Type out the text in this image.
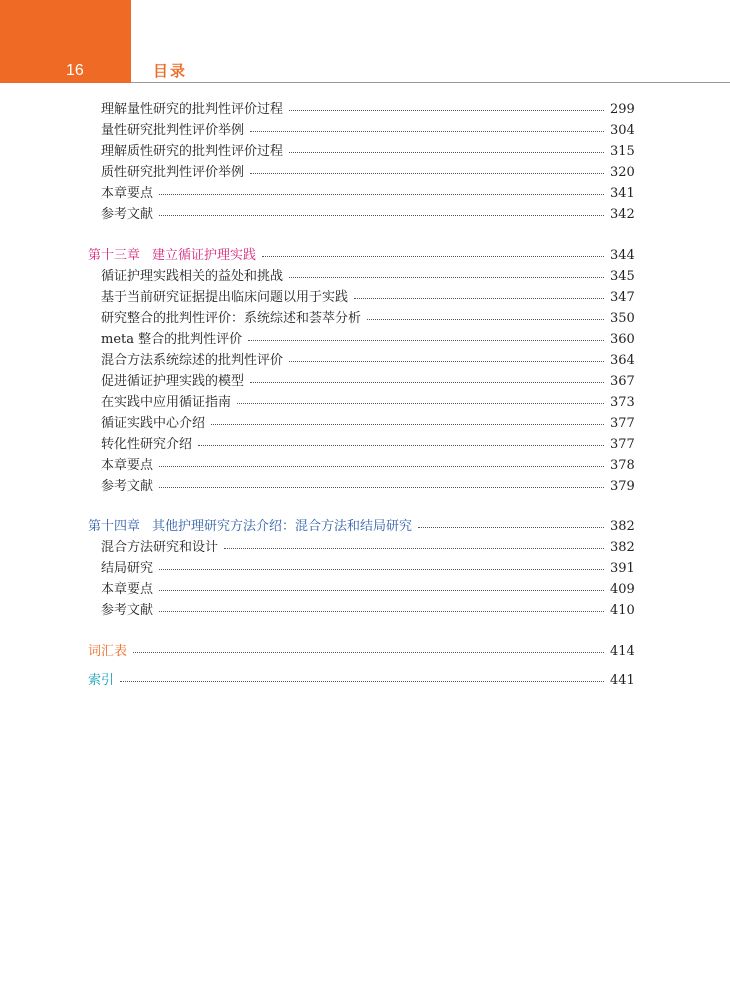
16	目录
理解量性研究的批判性评价过程	299
量性研究批判性评价举例	304
理解质性研究的批判性评价过程	315
质性研究批判性评价举例	320
本章要点	341
参考文献	342
第十三章 建立循证护理实践	344
循证护理实践相关的益处和挑战	345
基于当前研究证据提出临床问题以用于实践	347
研究整合的批判性评价：系统综述和荟萃分析	350
meta 整合的批判性评价	360
混合方法系统综述的批判性评价	364
促进循证护理实践的模型	367
在实践中应用循证指南	373
循证实践中心介绍	377
转化性研究介绍	377
本章要点	378
参考文献	379
第十四章 其他护理研究方法介绍：混合方法和结局研究	382
混合方法研究和设计	382
结局研究	391
本章要点	409
参考文献	410
词汇表	414
索引	441
